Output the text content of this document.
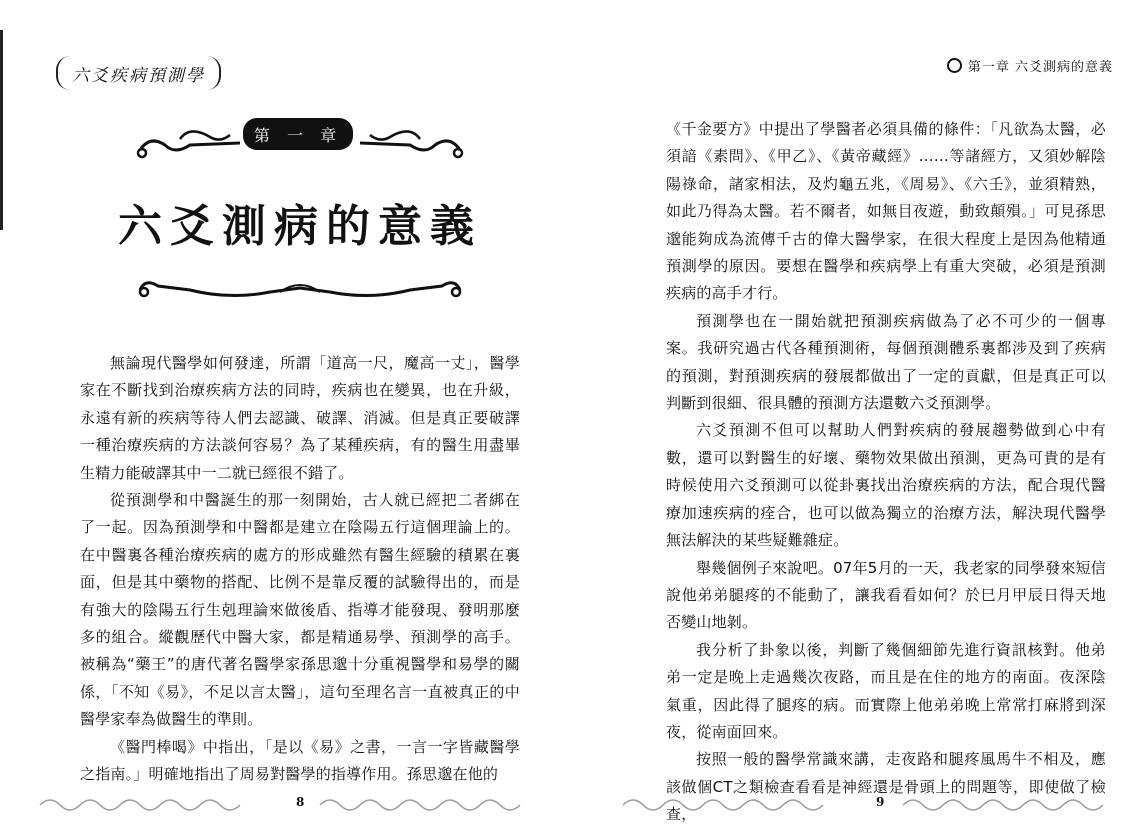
六爻疾病預測學
第 一 章
六爻測病的意義

無論現代醫學如何發達，所謂「道高一尺，魔高一丈」，醫學家在不斷找到治療疾病方法的同時，疾病也在變異，也在升級，永遠有新的疾病等待人們去認識、破譯、消滅。但是真正要破譯一種治療疾病的方法談何容易？為了某種疾病，有的醫生用盡畢生精力能破譯其中一二就已經很不錯了。

從預測學和中醫誕生的那一刻開始，古人就已經把二者綁在了一起。因為預測學和中醫都是建立在陰陽五行這個理論上的。在中醫裏各種治療疾病的處方的形成雖然有醫生經驗的積累在裏面，但是其中藥物的搭配、比例不是靠反覆的試驗得出的，而是有強大的陰陽五行生剋理論來做後盾、指導才能發現、發明那麼多的組合。縱觀歷代中醫大家，都是精通易學、預測學的高手。被稱為“藥王”的唐代著名醫學家孫思邈十分重視醫學和易學的關係，「不知《易》，不足以言太醫」，這句至理名言一直被真正的中醫學家奉為做醫生的準則。

《醫門棒喝》中指出，「是以《易》之書，一言一字皆藏醫學之指南。」明確地指出了周易對醫學的指導作用。孫思邈在他的

8
第一章 六爻測病的意義

《千金要方》中提出了學醫者必須具備的條件：「凡欲為太醫，必須諳《素問》、《甲乙》、《黃帝藏經》……等諸經方，又須妙解陰陽祿命，諸家相法，及灼龜五兆，《周易》、《六壬》，並須精熟，如此乃得為太醫。若不爾者，如無目夜遊，動致顛殞。」可見孫思邈能夠成為流傳千古的偉大醫學家，在很大程度上是因為他精通預測學的原因。要想在醫學和疾病學上有重大突破，必須是預測疾病的高手才行。

預測學也在一開始就把預測疾病做為了必不可少的一個專案。我研究過古代各種預測術，每個預測體系裏都涉及到了疾病的預測，對預測疾病的發展都做出了一定的貢獻，但是真正可以判斷到很細、很具體的預測方法還數六爻預測學。

六爻預測不但可以幫助人們對疾病的發展趨勢做到心中有數，還可以對醫生的好壞、藥物效果做出預測，更為可貴的是有時候使用六爻預測可以從卦裏找出治療疾病的方法，配合現代醫療加速疾病的痊合，也可以做為獨立的治療方法，解決現代醫學無法解決的某些疑難雜症。

舉幾個例子來說吧。07年5月的一天，我老家的同學發來短信說他弟弟腿疼的不能動了，讓我看看如何？於巳月甲辰日得天地否變山地剝。

我分析了卦象以後，判斷了幾個細節先進行資訊核對。他弟弟一定是晚上走過幾次夜路，而且是在住的地方的南面。夜深陰氣重，因此得了腿疼的病。而實際上他弟弟晚上常常打麻將到深夜，從南面回來。

按照一般的醫學常識來講，走夜路和腿疼風馬牛不相及，應該做個CT之類檢查看看是神經還是骨頭上的問題等，即使做了檢查，

9
